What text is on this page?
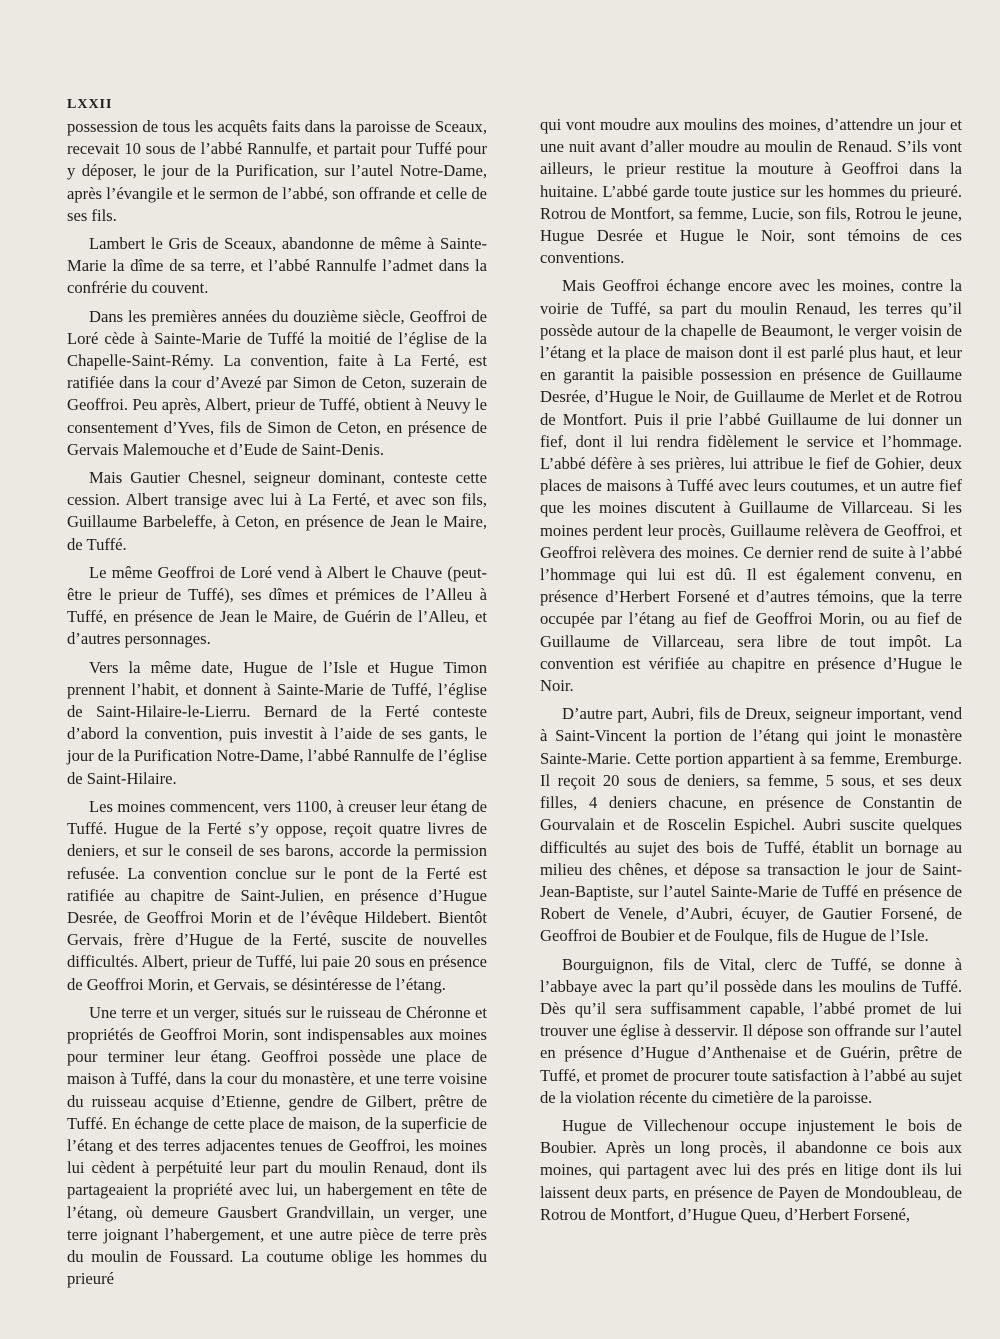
LXXII

possession de tous les acquêts faits dans la paroisse de Sceaux, recevait 10 sous de l’abbé Rannulfe, et partait pour Tuffé pour y déposer, le jour de la Purification, sur l’autel Notre-Dame, après l’évangile et le sermon de l’abbé, son offrande et celle de ses fils.

Lambert le Gris de Sceaux, abandonne de même à Sainte-Marie la dîme de sa terre, et l’abbé Rannulfe l’admet dans la confrérie du couvent.

Dans les premières années du douzième siècle, Geoffroi de Loré cède à Sainte-Marie de Tuffé la moitié de l’église de la Chapelle-Saint-Rémy. La convention, faite à La Ferté, est ratifiée dans la cour d’Avezé par Simon de Ceton, suzerain de Geoffroi. Peu après, Albert, prieur de Tuffé, obtient à Neuvy le consentement d’Yves, fils de Simon de Ceton, en présence de Gervais Malemouche et d’Eude de Saint-Denis.

Mais Gautier Chesnel, seigneur dominant, conteste cette cession. Albert transige avec lui à La Ferté, et avec son fils, Guillaume Barbeleffe, à Ceton, en présence de Jean le Maire, de Tuffé.

Le même Geoffroi de Loré vend à Albert le Chauve (peut-être le prieur de Tuffé), ses dîmes et prémices de l’Alleu à Tuffé, en présence de Jean le Maire, de Guérin de l’Alleu, et d’autres personnages.

Vers la même date, Hugue de l’Isle et Hugue Timon prennent l’habit, et donnent à Sainte-Marie de Tuffé, l’église de Saint-Hilaire-le-Lierru. Bernard de la Ferté conteste d’abord la convention, puis investit à l’aide de ses gants, le jour de la Purification Notre-Dame, l’abbé Rannulfe de l’église de Saint-Hilaire.

Les moines commencent, vers 1100, à creuser leur étang de Tuffé. Hugue de la Ferté s’y oppose, reçoit quatre livres de deniers, et sur le conseil de ses barons, accorde la permission refusée. La convention conclue sur le pont de la Ferté est ratifiée au chapitre de Saint-Julien, en présence d’Hugue Desrée, de Geoffroi Morin et de l’évêque Hildebert. Bientôt Gervais, frère d’Hugue de la Ferté, suscite de nouvelles difficultés. Albert, prieur de Tuffé, lui paie 20 sous en présence de Geoffroi Morin, et Gervais, se désintéresse de l’étang.

Une terre et un verger, situés sur le ruisseau de Chéronne et propriétés de Geoffroi Morin, sont indispensables aux moines pour terminer leur étang. Geoffroi possède une place de maison à Tuffé, dans la cour du monastère, et une terre voisine du ruisseau acquise d’Etienne, gendre de Gilbert, prêtre de Tuffé. En échange de cette place de maison, de la superficie de l’étang et des terres adjacentes tenues de Geoffroi, les moines lui cèdent à perpétuité leur part du moulin Renaud, dont ils partageaient la propriété avec lui, un habergement en tête de l’étang, où demeure Gausbert Grandvillain, un verger, une terre joignant l’habergement, et une autre pièce de terre près du moulin de Foussard. La coutume oblige les hommes du prieuré

qui vont moudre aux moulins des moines, d’attendre un jour et une nuit avant d’aller moudre au moulin de Renaud. S’ils vont ailleurs, le prieur restitue la mouture à Geoffroi dans la huitaine. L’abbé garde toute justice sur les hommes du prieuré. Rotrou de Montfort, sa femme, Lucie, son fils, Rotrou le jeune, Hugue Desrée et Hugue le Noir, sont témoins de ces conventions.

Mais Geoffroi échange encore avec les moines, contre la voirie de Tuffé, sa part du moulin Renaud, les terres qu’il possède autour de la chapelle de Beaumont, le verger voisin de l’étang et la place de maison dont il est parlé plus haut, et leur en garantit la paisible possession en présence de Guillaume Desrée, d’Hugue le Noir, de Guillaume de Merlet et de Rotrou de Montfort. Puis il prie l’abbé Guillaume de lui donner un fief, dont il lui rendra fidèlement le service et l’hommage. L’abbé défère à ses prières, lui attribue le fief de Gohier, deux places de maisons à Tuffé avec leurs coutumes, et un autre fief que les moines discutent à Guillaume de Villarceau. Si les moines perdent leur procès, Guillaume relèvera de Geoffroi, et Geoffroi relèvera des moines. Ce dernier rend de suite à l’abbé l’hommage qui lui est dû. Il est également convenu, en présence d’Herbert Forsené et d’autres témoins, que la terre occupée par l’étang au fief de Geoffroi Morin, ou au fief de Guillaume de Villarceau, sera libre de tout impôt. La convention est vérifiée au chapitre en présence d’Hugue le Noir.

D’autre part, Aubri, fils de Dreux, seigneur important, vend à Saint-Vincent la portion de l’étang qui joint le monastère Sainte-Marie. Cette portion appartient à sa femme, Eremburge. Il reçoit 20 sous de deniers, sa femme, 5 sous, et ses deux filles, 4 deniers chacune, en présence de Constantin de Gourvalain et de Roscelin Espichel. Aubri suscite quelques difficultés au sujet des bois de Tuffé, établit un bornage au milieu des chênes, et dépose sa transaction le jour de Saint-Jean-Baptiste, sur l’autel Sainte-Marie de Tuffé en présence de Robert de Venele, d’Aubri, écuyer, de Gautier Forsené, de Geoffroi de Boubier et de Foulque, fils de Hugue de l’Isle.

Bourguignon, fils de Vital, clerc de Tuffé, se donne à l’abbaye avec la part qu’il possède dans les moulins de Tuffé. Dès qu’il sera suffisamment capable, l’abbé promet de lui trouver une église à desservir. Il dépose son offrande sur l’autel en présence d’Hugue d’Anthenaise et de Guérin, prêtre de Tuffé, et promet de procurer toute satisfaction à l’abbé au sujet de la violation récente du cimetière de la paroisse.

Hugue de Villechenour occupe injustement le bois de Boubier. Après un long procès, il abandonne ce bois aux moines, qui partagent avec lui des prés en litige dont ils lui laissent deux parts, en présence de Payen de Mondoubleau, de Rotrou de Montfort, d’Hugue Queu, d’Herbert Forsené,
